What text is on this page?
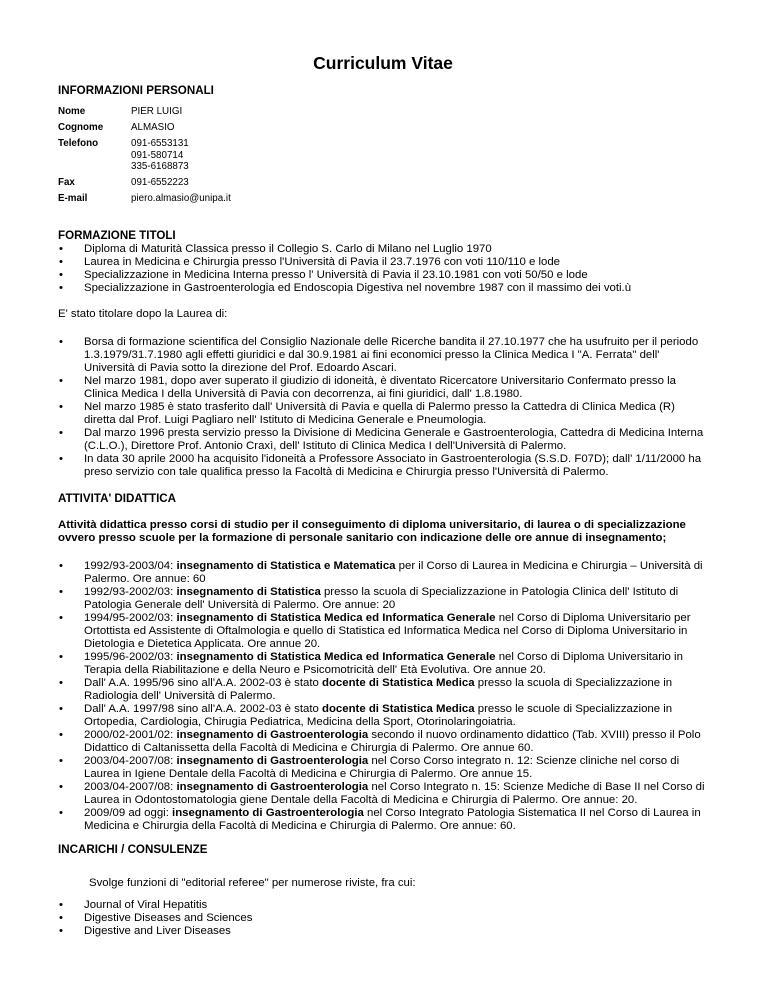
Curriculum Vitae
INFORMAZIONI PERSONALI
Nome	PIER LUIGI
Cognome	ALMASIO
Telefono	091-6553131
091-580714
335-6168873
Fax	091-6552223
E-mail	piero.almasio@unipa.it
FORMAZIONE TITOLI
• Diploma di Maturità Classica presso il Collegio S. Carlo di Milano nel Luglio 1970
• Laurea in Medicina e Chirurgia presso l'Università di Pavia il 23.7.1976 con voti 110/110 e lode
• Specializzazione in Medicina Interna presso l' Università di Pavia il 23.10.1981 con voti 50/50 e lode
• Specializzazione in Gastroenterologia ed Endoscopia Digestiva nel novembre 1987 con il massimo dei voti.ù
E' stato titolare dopo la Laurea di:
• Borsa di formazione scientifica del Consiglio Nazionale delle Ricerche bandita il 27.10.1977 che ha usufruito per il periodo 1.3.1979/31.7.1980 agli effetti giuridici e dal 30.9.1981 ai fini economici presso la Clinica Medica I "A. Ferrata" dell' Università di Pavia sotto la direzione del Prof. Edoardo Ascari.
• Nel marzo 1981, dopo aver superato il giudizio di idoneità, è diventato Ricercatore Universitario Confermato presso la Clinica Medica I della Università di Pavia con decorrenza, ai fini giuridici, dall' 1.8.1980.
• Nel marzo 1985 è stato trasferito dall' Università di Pavia e quella di Palermo presso la Cattedra di Clinica Medica (R) diretta dal Prof. Luigi Pagliaro nell' Istituto di Medicina Generale e Pneumologia.
• Dal marzo 1996 presta servizio presso la Divisione di Medicina Generale e Gastroenterologia, Cattedra di Medicina Interna (C.L.O.), Direttore Prof. Antonio Craxì, dell' Istituto di Clinica Medica I dell'Università di Palermo.
• In data 30 aprile 2000 ha acquisito l'idoneità a Professore Associato in Gastroenterologia (S.S.D. F07D); dall' 1/11/2000 ha preso servizio con tale qualifica presso la Facoltà di Medicina e Chirurgia presso l'Università di Palermo.
ATTIVITA' DIDATTICA
Attività didattica presso corsi di studio per il conseguimento di diploma universitario, di laurea o di specializzazione ovvero presso scuole per la formazione di personale sanitario con indicazione delle ore annue di insegnamento;
• 1992/93-2003/04: insegnamento di Statistica e Matematica per il Corso di Laurea in Medicina e Chirurgia – Università di Palermo. Ore annue: 60
• 1992/93-2002/03: insegnamento di Statistica presso la scuola di Specializzazione in Patologia Clinica dell' Istituto di Patologia Generale dell' Università di Palermo. Ore annue: 20
• 1994/95-2002/03: insegnamento di Statistica Medica ed Informatica Generale nel Corso di Diploma Universitario per Ortottista ed Assistente di Oftalmologia e quello di Statistica ed Informatica Medica nel Corso di Diploma Universitario in Dietologia e Dietetica Applicata. Ore annue 20.
• 1995/96-2002/03: insegnamento di Statistica Medica ed Informatica Generale nel Corso di Diploma Universitario in Terapia della Riabilitazione e della Neuro e Psicomotricità dell' Età Evolutiva. Ore annue 20.
• Dall' A.A. 1995/96 sino all'A.A. 2002-03 è stato docente di Statistica Medica presso la scuola di Specializzazione in Radiologia dell' Università di Palermo.
• Dall' A.A. 1997/98 sino all'A.A. 2002-03 è stato docente di Statistica Medica presso le scuole di Specializzazione in Ortopedia, Cardiologia, Chirugia Pediatrica, Medicina della Sport, Otorinolaringoiatria.
• 2000/02-2001/02: insegnamento di Gastroenterologia secondo il nuovo ordinamento didattico (Tab. XVIII) presso il Polo Didattico di Caltanissetta della Facoltà di Medicina e Chirurgia di Palermo. Ore annue 60.
• 2003/04-2007/08: insegnamento di Gastroenterologia nel Corso Corso integrato n. 12: Scienze cliniche nel corso di Laurea in Igiene Dentale della Facoltà di Medicina e Chirurgia di Palermo. Ore annue 15.
• 2003/04-2007/08: insegnamento di Gastroenterologia nel Corso Integrato n. 15: Scienze Mediche di Base II nel Corso di Laurea in Odontostomatologia giene Dentale della Facoltà di Medicina e Chirurgia di Palermo. Ore annue: 20.
• 2009/09 ad oggi: insegnamento di Gastroenterologia nel Corso Integrato Patologia Sistematica II nel Corso di Laurea in Medicina e Chirurgia della Facoltà di Medicina e Chirurgia di Palermo. Ore annue: 60.
INCARICHI / CONSULENZE
Svolge funzioni di "editorial referee" per numerose riviste, fra cui:
• Journal of Viral Hepatitis
• Digestive Diseases and Sciences
• Digestive and Liver Diseases
